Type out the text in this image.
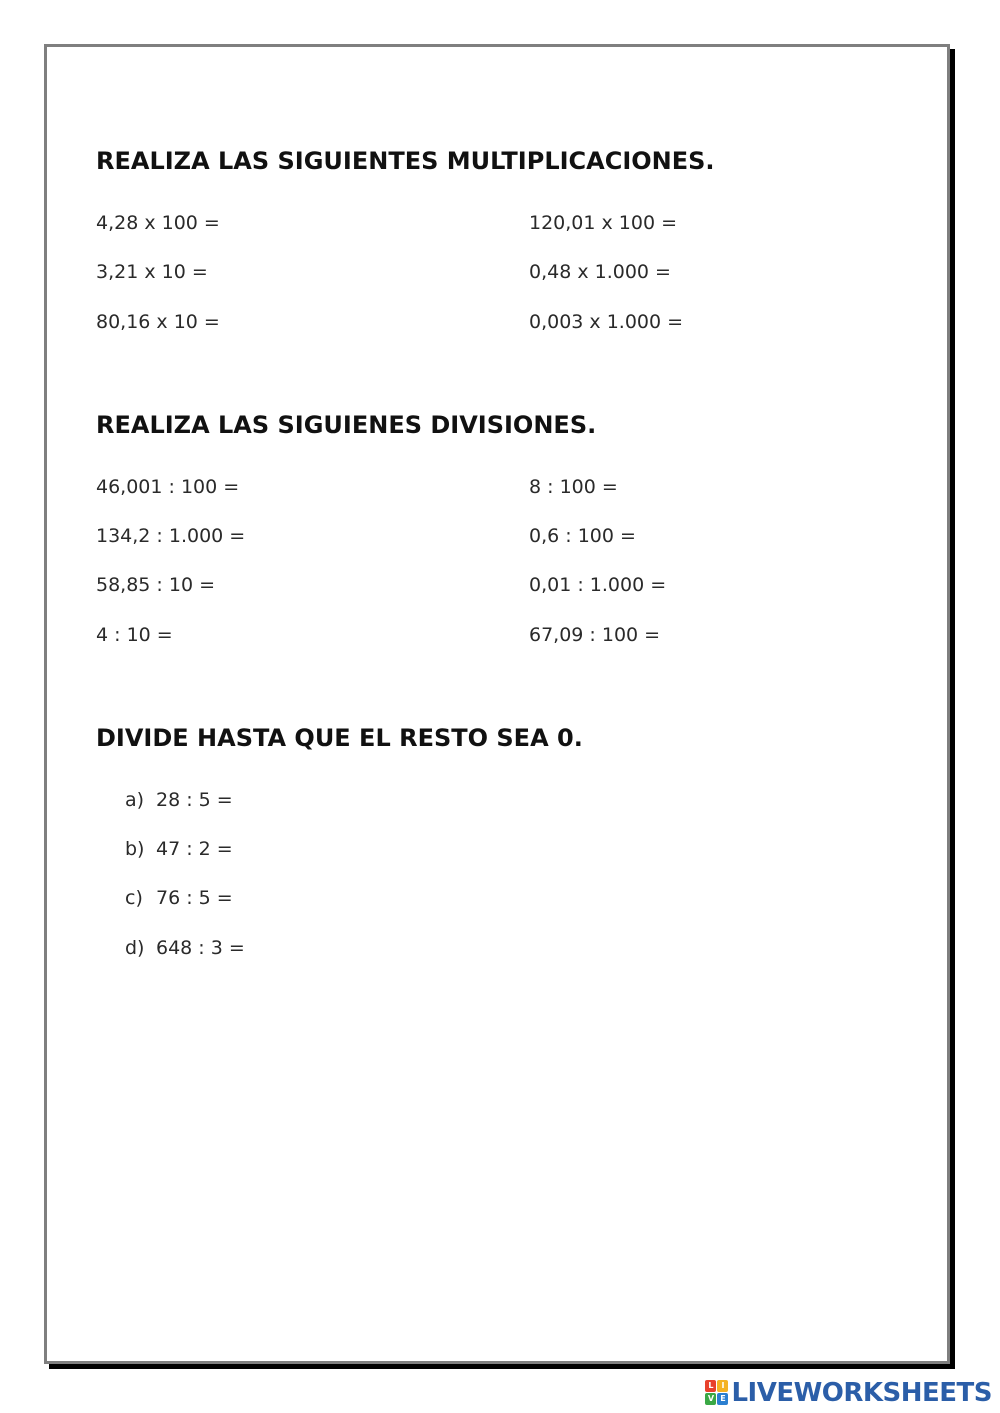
REALIZA LAS SIGUIENTES MULTIPLICACIONES.
4,28 x 100 =
3,21 x 10 =
80,16 x 10 =
120,01 x 100 =
0,48 x 1.000 =
0,003 x 1.000 =
REALIZA LAS SIGUIENES DIVISIONES.
46,001 : 100 =
134,2 : 1.000 =
58,85 : 10 =
4 : 10 =
8 : 100 =
0,6 : 100 =
0,01 : 1.000 =
67,09 : 100 =
DIVIDE HASTA QUE EL RESTO SEA 0.
a) 28 : 5 =
b) 47 : 2 =
c) 76 : 5 =
d) 648 : 3 =
L I
V E LIVEWORKSHEETS
